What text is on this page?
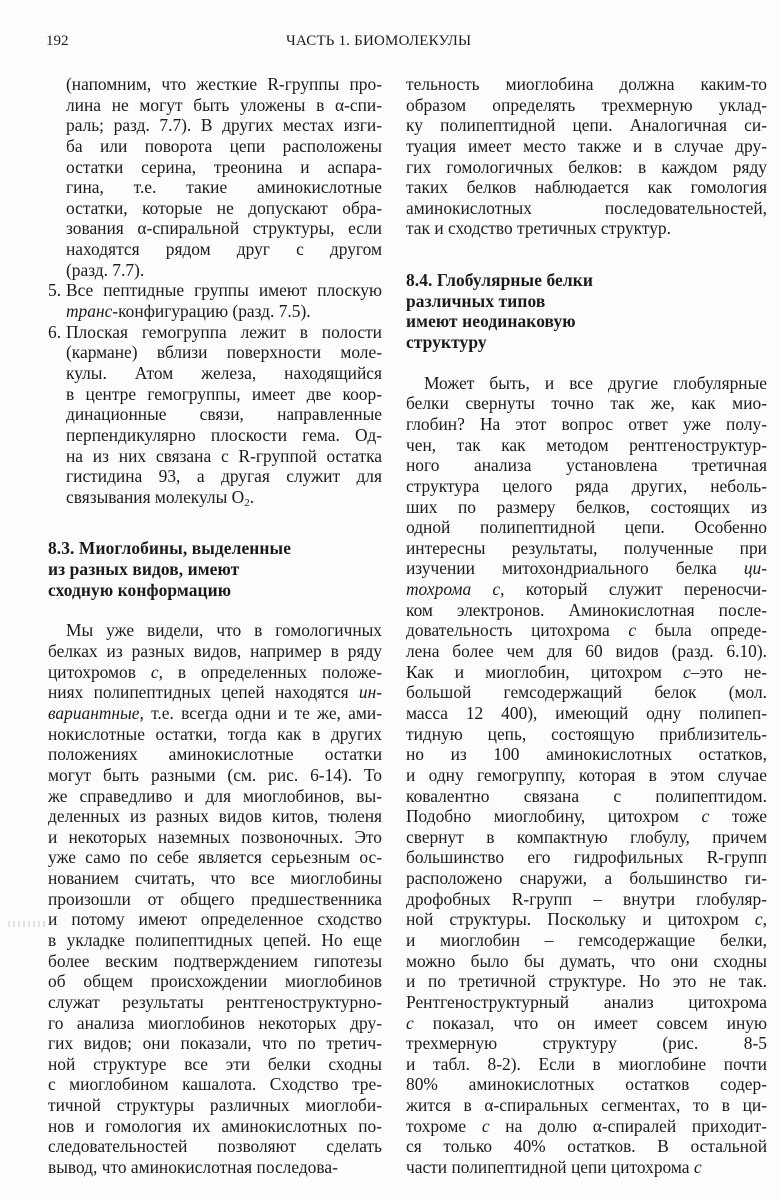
192	ЧАСТЬ 1. БИОМОЛЕКУЛЫ
(напомним, что жесткие R-группы про-
лина не могут быть уложены в α-спи-
раль; разд. 7.7). В других местах изги-
ба или поворота цепи расположены
остатки серина, треонина и аспара-
гина, т.е. такие аминокислотные
остатки, которые не допускают обра-
зования α-спиральной структуры, если
находятся рядом друг с другом
(разд. 7.7).
5. Все пептидные группы имеют плоскую
транс-конфигурацию (разд. 7.5).
6. Плоская гемогруппа лежит в полости
(кармане) вблизи поверхности моле-
кулы. Атом железа, находящийся
в центре гемогруппы, имеет две коор-
динационные связи, направленные
перпендикулярно плоскости гема. Од-
на из них связана с R-группой остатка
гистидина 93, а другая служит для
связывания молекулы $O_2$.
8.3. Миоглобины, выделенные
из разных видов, имеют
сходную конформацию
Мы уже видели, что в гомологичных
белках из разных видов, например в ряду
цитохромов c, в определенных положе-
ниях полипептидных цепей находятся ин-
вариантные, т.е. всегда одни и те же, ами-
нокислотные остатки, тогда как в других
положениях аминокислотные остатки
могут быть разными (см. рис. 6-14). То
же справедливо и для миоглобинов, вы-
деленных из разных видов китов, тюленя
и некоторых наземных позвоночных. Это
уже само по себе является серьезным ос-
нованием считать, что все миоглобины
произошли от общего предшественника
и потому имеют определенное сходство
в укладке полипептидных цепей. Но еще
более веским подтверждением гипотезы
об общем происхождении миоглобинов
служат результаты рентгеноструктурно-
го анализа миоглобинов некоторых дру-
гих видов; они показали, что по третич-
ной структуре все эти белки сходны
с миоглобином кашалота. Сходство тре-
тичной структуры различных миоглоби-
нов и гомология их аминокислотных по-
следовательностей позволяют сделать
вывод, что аминокислотная последова-
тельность миоглобина должна каким-то
образом определять трехмерную уклад-
ку полипептидной цепи. Аналогичная си-
туация имеет место также и в случае дру-
гих гомологичных белков: в каждом ряду
таких белков наблюдается как гомология
аминокислотных последовательностей,
так и сходство третичных структур.
8.4. Глобулярные белки
различных типов
имеют неодинаковую
структуру
Может быть, и все другие глобулярные
белки свернуты точно так же, как мио-
глобин? На этот вопрос ответ уже полу-
чен, так как методом рентгеноструктур-
ного анализа установлена третичная
структура целого ряда других, неболь-
ших по размеру белков, состоящих из
одной полипептидной цепи. Особенно
интересны результаты, полученные при
изучении митохондриального белка ци-
тохрома c, который служит переносчи-
ком электронов. Аминокислотная после-
довательность цитохрома c была опреде-
лена более чем для 60 видов (разд. 6.10).
Как и миоглобин, цитохром c–это не-
большой гемсодержащий белок (мол.
масса 12 400), имеющий одну полипеп-
тидную цепь, состоящую приблизитель-
но из 100 аминокислотных остатков,
и одну гемогруппу, которая в этом случае
ковалентно связана с полипептидом.
Подобно миоглобину, цитохром c тоже
свернут в компактную глобулу, причем
большинство его гидрофильных R-групп
расположено снаружи, а большинство ги-
дрофобных R-групп – внутри глобуляр-
ной структуры. Поскольку и цитохром c,
и миоглобин – гемсодержащие белки,
можно было бы думать, что они сходны
и по третичной структуре. Но это не так.
Рентгеноструктурный анализ цитохрома
c показал, что он имеет совсем иную
трехмерную структуру (рис. 8-5
и табл. 8-2). Если в миоглобине почти
80% аминокислотных остатков содер-
жится в α-спиральных сегментах, то в ци-
тохроме c на долю α-спиралей приходит-
ся только 40% остатков. В остальной
части полипептидной цепи цитохрома c
